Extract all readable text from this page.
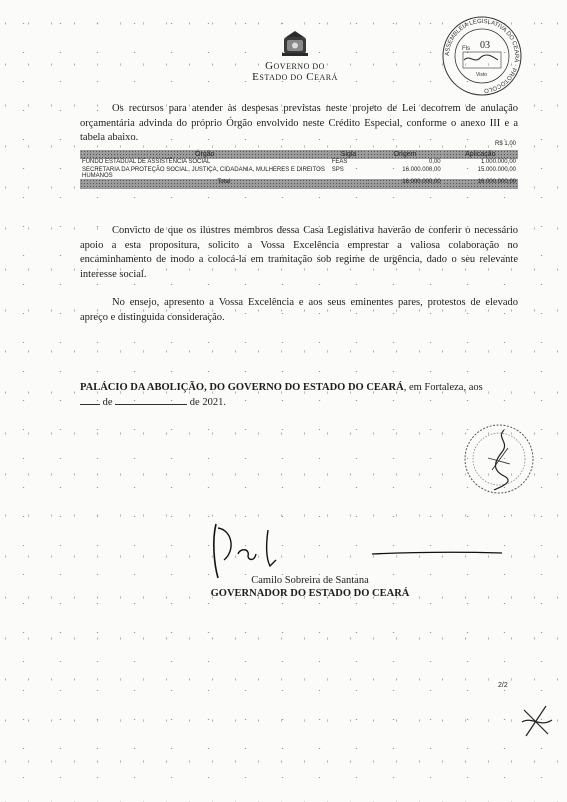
GOVERNO DO
ESTADO DO CEARÁ
ASSEMBLEIA LEGISLATIVA DO CEARÁ · PROTOCOLO
Fls 03
Visto
Os recursos para atender às despesas previstas neste projeto de Lei decorrem de anulação orçamentária advinda do próprio Órgão envolvido neste Crédito Especial, conforme o anexo III e a tabela abaixo.
R$ 1,00
Órgão	Sigla	Origem	Aplicação
FUNDO ESTADUAL DE ASSISTÊNCIA SOCIAL	FEAS	0,00	1.000.000,00
SECRETARIA DA PROTEÇÃO SOCIAL, JUSTIÇA, CIDADANIA, MULHERES E DIREITOS HUMANOS	SPS	16.000.000,00	15.000.000,00
Total		16.000.000,00	16.000.000,00
Convicto de que os ilustres membros dessa Casa Legislativa haverão de conferir o necessário apoio a esta propositura, solicito a Vossa Excelência emprestar a valiosa colaboração no encaminhamento de modo a colocá-la em tramitação sob regime de urgência, dado o seu relevante interesse social.
No ensejo, apresento a Vossa Excelência e aos seus eminentes pares, protestos de elevado apreço e distinguida consideração.
PALÁCIO DA ABOLIÇÃO, DO GOVERNO DO ESTADO DO CEARÁ, em Fortaleza, aos
de	de 2021.
Camilo Sobreira de Santana
GOVERNADOR DO ESTADO DO CEARÁ
2/2
